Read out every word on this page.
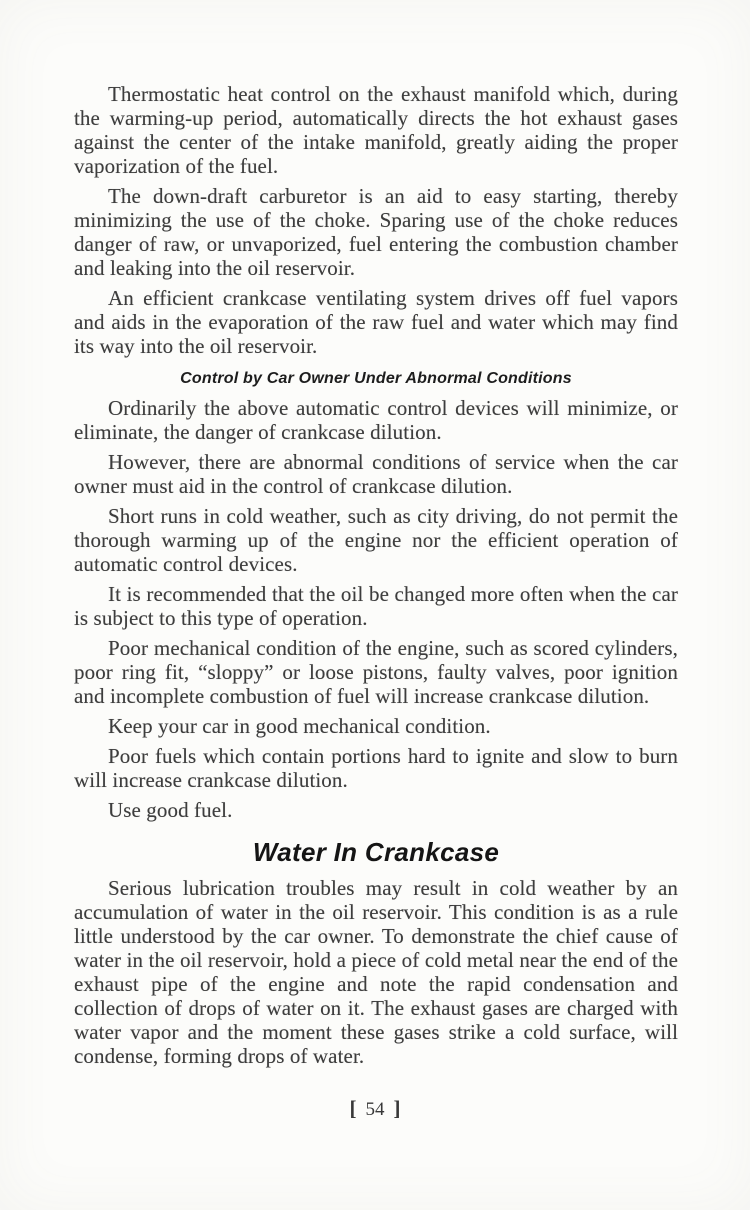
Thermostatic heat control on the exhaust manifold which, during the warming-up period, automatically directs the hot exhaust gases against the center of the intake manifold, greatly aiding the proper vaporization of the fuel.

The down-draft carburetor is an aid to easy starting, thereby minimizing the use of the choke. Sparing use of the choke reduces danger of raw, or unvaporized, fuel entering the combustion chamber and leaking into the oil reservoir.

An efficient crankcase ventilating system drives off fuel vapors and aids in the evaporation of the raw fuel and water which may find its way into the oil reservoir.

Control by Car Owner Under Abnormal Conditions

Ordinarily the above automatic control devices will minimize, or eliminate, the danger of crankcase dilution.

However, there are abnormal conditions of service when the car owner must aid in the control of crankcase dilution.

Short runs in cold weather, such as city driving, do not permit the thorough warming up of the engine nor the efficient operation of automatic control devices.

It is recommended that the oil be changed more often when the car is subject to this type of operation.

Poor mechanical condition of the engine, such as scored cylinders, poor ring fit, “sloppy” or loose pistons, faulty valves, poor ignition and incomplete combustion of fuel will increase crankcase dilution.

Keep your car in good mechanical condition.

Poor fuels which contain portions hard to ignite and slow to burn will increase crankcase dilution.

Use good fuel.

Water In Crankcase

Serious lubrication troubles may result in cold weather by an accumulation of water in the oil reservoir. This condition is as a rule little understood by the car owner. To demonstrate the chief cause of water in the oil reservoir, hold a piece of cold metal near the end of the exhaust pipe of the engine and note the rapid condensation and collection of drops of water on it. The exhaust gases are charged with water vapor and the moment these gases strike a cold surface, will condense, forming drops of water.

[ 54 ]
